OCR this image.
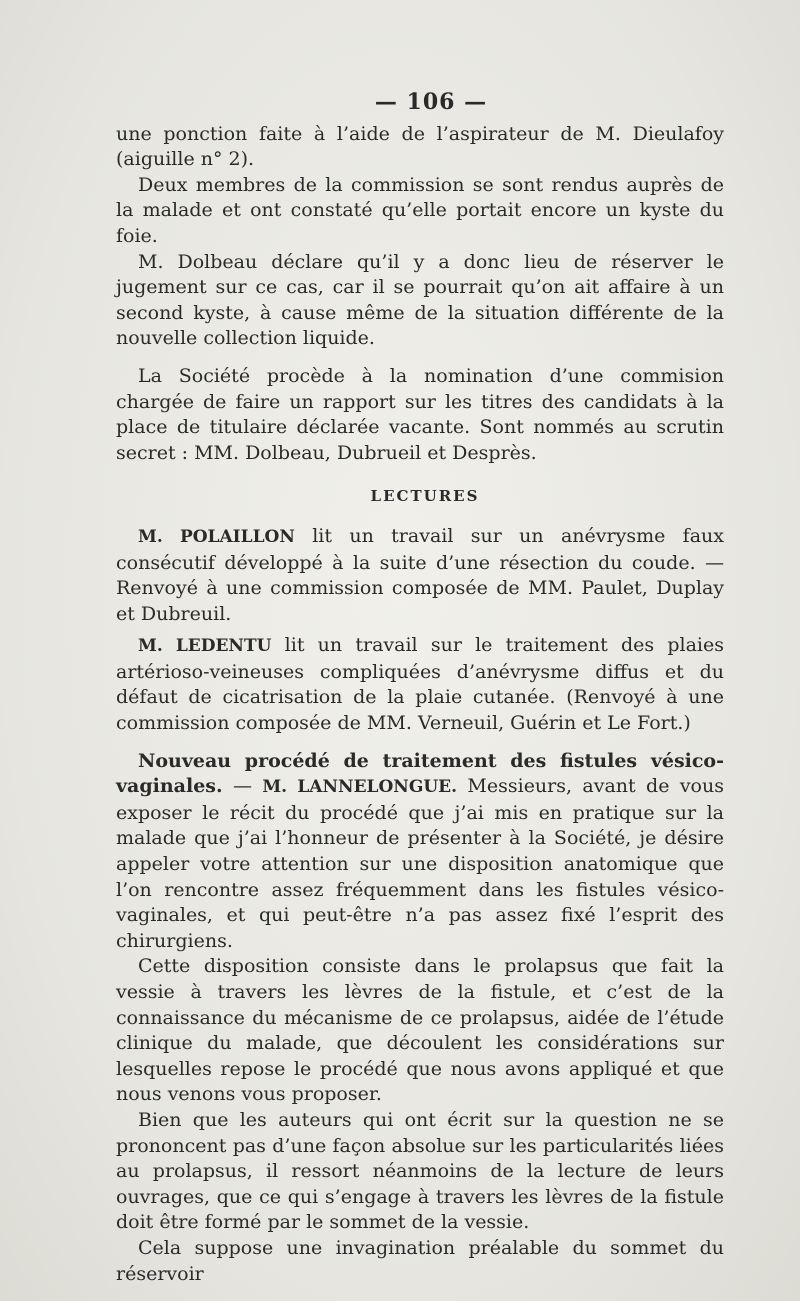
— 106 —

une ponction faite à l’aide de l’aspirateur de M. Dieulafoy (aiguille n° 2).

Deux membres de la commission se sont rendus auprès de la malade et ont constaté qu’elle portait encore un kyste du foie.

M. Dolbeau déclare qu’il y a donc lieu de réserver le jugement sur ce cas, car il se pourrait qu’on ait affaire à un second kyste, à cause même de la situation différente de la nouvelle collection liquide.

La Société procède à la nomination d’une commision chargée de faire un rapport sur les titres des candidats à la place de titulaire déclarée vacante. Sont nommés au scrutin secret : MM. Dolbeau, Dubrueil et Desprès.

LECTURES

M. POLAILLON lit un travail sur un anévrysme faux consécutif développé à la suite d’une résection du coude. — Renvoyé à une commission composée de MM. Paulet, Duplay et Dubreuil.

M. LEDENTU lit un travail sur le traitement des plaies artérioso-veineuses compliquées d’anévrysme diffus et du défaut de cicatrisation de la plaie cutanée. (Renvoyé à une commission composée de MM. Verneuil, Guérin et Le Fort.)

Nouveau procédé de traitement des fistules vésico-vaginales. — M. LANNELONGUE. Messieurs, avant de vous exposer le récit du procédé que j’ai mis en pratique sur la malade que j’ai l’honneur de présenter à la Société, je désire appeler votre attention sur une disposition anatomique que l’on rencontre assez fréquemment dans les fistules vésico-vaginales, et qui peut-être n’a pas assez fixé l’esprit des chirurgiens.

Cette disposition consiste dans le prolapsus que fait la vessie à travers les lèvres de la fistule, et c’est de la connaissance du mécanisme de ce prolapsus, aidée de l’étude clinique du malade, que découlent les considérations sur lesquelles repose le procédé que nous avons appliqué et que nous venons vous proposer.

Bien que les auteurs qui ont écrit sur la question ne se prononcent pas d’une façon absolue sur les particularités liées au prolapsus, il ressort néanmoins de la lecture de leurs ouvrages, que ce qui s’engage à travers les lèvres de la fistule doit être formé par le sommet de la vessie.

Cela suppose une invagination préalable du sommet du réservoir
